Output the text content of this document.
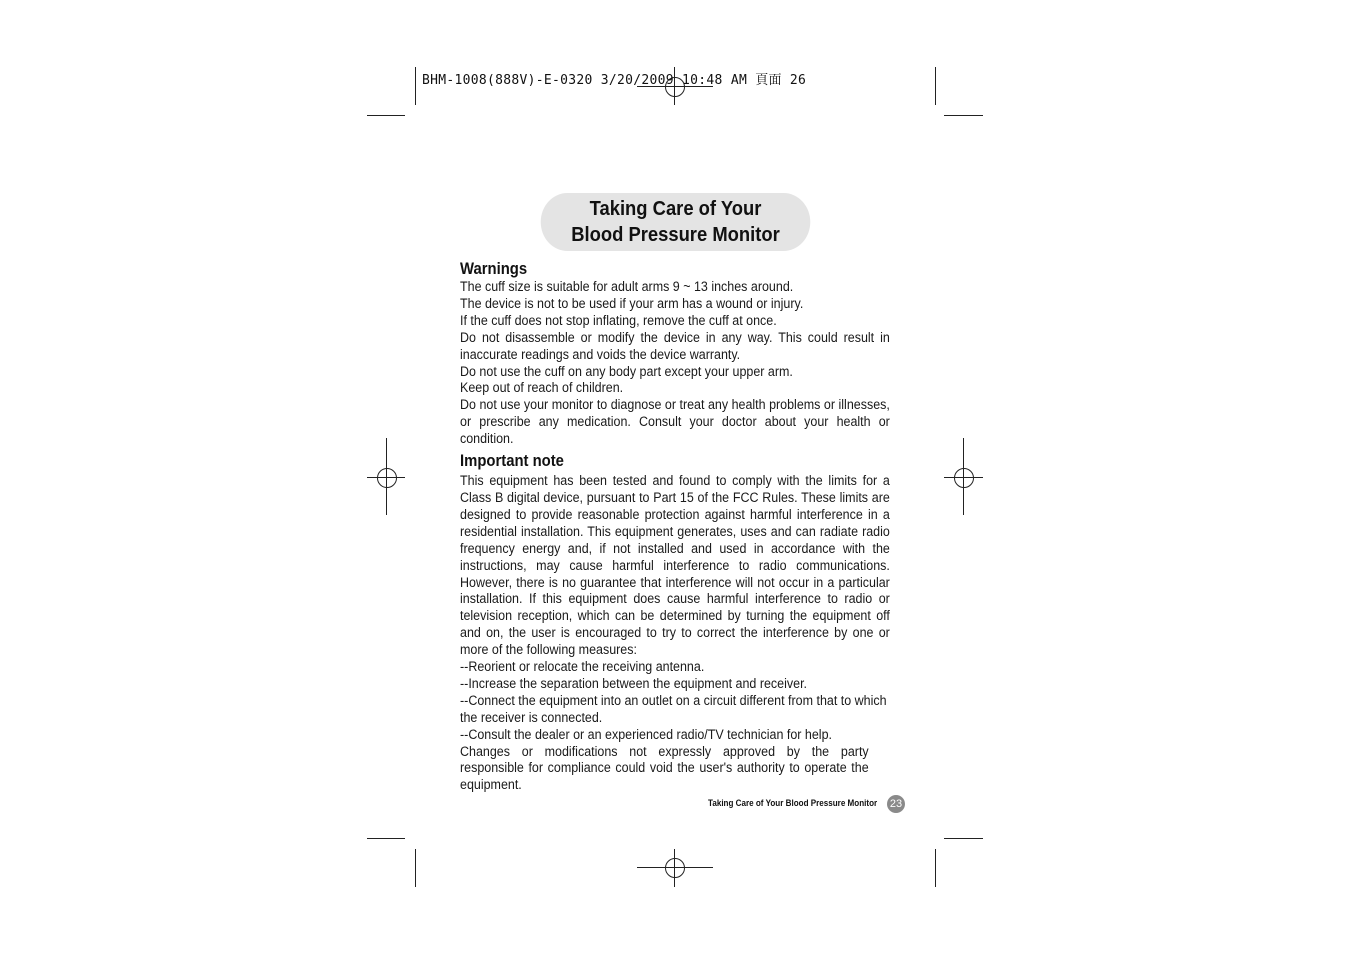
BHM-1008(888V)-E-0320 3/20/2009 10:48 AM 頁面 26
Taking Care of Your
Blood Pressure Monitor
Warnings

The cuff size is suitable for adult arms 9 ~ 13 inches around.

The device is not to be used if your arm has a wound or injury.

If the cuff does not stop inflating, remove the cuff at once.

Do not disassemble or modify the device in any way. This could result in inaccurate readings and voids the device warranty.

Do not use the cuff on any body part except your upper arm.

Keep out of reach of children.

Do not use your monitor to diagnose or treat any health problems or illnesses, or prescribe any medication. Consult your doctor about your health or condition.

Important note

This equipment has been tested and found to comply with the limits for a Class B digital device, pursuant to Part 15 of the FCC Rules. These limits are designed to provide reasonable protection against harmful interference in a residential installation. This equipment generates, uses and can radiate radio frequency energy and, if not installed and used in accordance with the instructions, may cause harmful interference to radio communications. However, there is no guarantee that interference will not occur in a particular installation. If this equipment does cause harmful interference to radio or television reception, which can be determined by turning the equipment off and on, the user is encouraged to try to correct the interference by one or more of the following measures:

--Reorient or relocate the receiving antenna.

--Increase the separation between the equipment and receiver.

--Connect the equipment into an outlet on a circuit different from that to which the receiver is connected.

--Consult the dealer or an experienced radio/TV technician for help.

Changes or modifications not expressly approved by the party responsible for compliance could void the user's authority to operate the equipment.

Taking Care of Your Blood Pressure Monitor 23
